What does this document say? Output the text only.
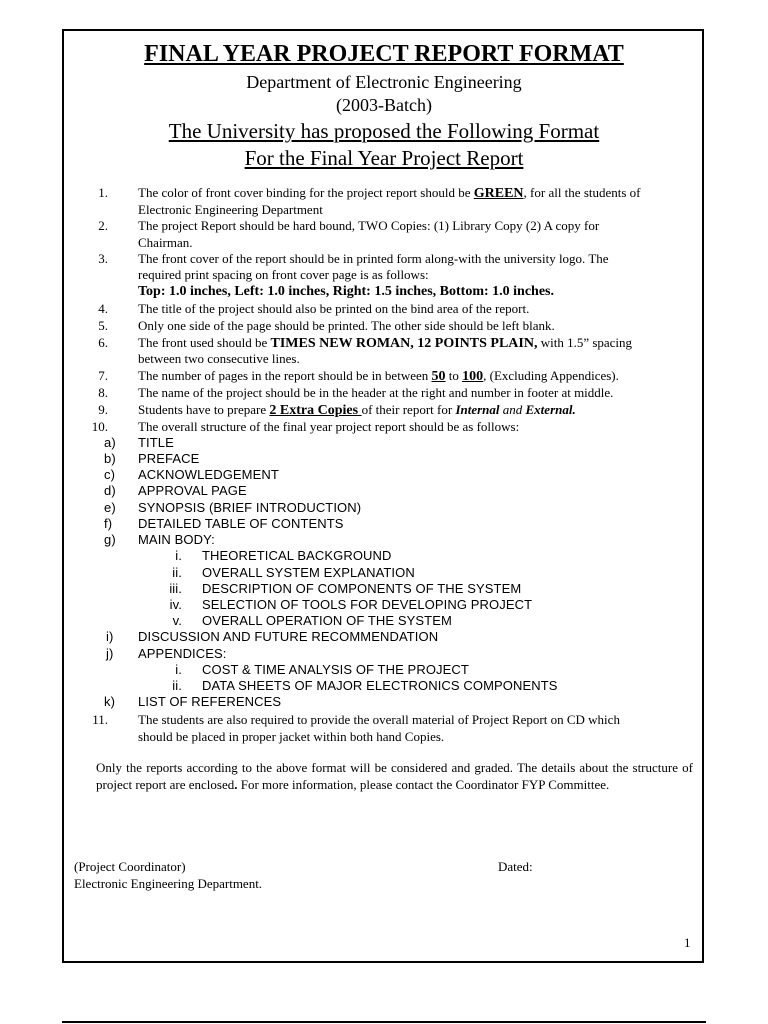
FINAL YEAR PROJECT REPORT FORMAT
Department of Electronic Engineering
(2003-Batch)
The University has proposed the Following Format
For the Final Year Project Report
1. The color of front cover binding for the project report should be GREEN, for all the students of
Electronic Engineering Department
2. The project Report should be hard bound, TWO Copies: (1) Library Copy (2) A copy for
Chairman.
3. The front cover of the report should be in printed form along-with the university logo. The
required print spacing on front cover page is as follows:
Top: 1.0 inches, Left: 1.0 inches, Right: 1.5 inches, Bottom: 1.0 inches.
4. The title of the project should also be printed on the bind area of the report.
5. Only one side of the page should be printed. The other side should be left blank.
6. The front used should be TIMES NEW ROMAN, 12 POINTS PLAIN, with 1.5” spacing
between two consecutive lines.
7. The number of pages in the report should be in between 50 to 100, (Excluding Appendices).
8. The name of the project should be in the header at the right and number in footer at middle.
9. Students have to prepare 2 Extra Copies of their report for Internal and External.
10. The overall structure of the final year project report should be as follows:
a) TITLE
b) PREFACE
c) ACKNOWLEDGEMENT
d) APPROVAL PAGE
e) SYNOPSIS (BRIEF INTRODUCTION)
f) DETAILED TABLE OF CONTENTS
g) MAIN BODY:
i. THEORETICAL BACKGROUND
ii. OVERALL SYSTEM EXPLANATION
iii. DESCRIPTION OF COMPONENTS OF THE SYSTEM
iv. SELECTION OF TOOLS FOR DEVELOPING PROJECT
v. OVERALL OPERATION OF THE SYSTEM
i) DISCUSSION AND FUTURE RECOMMENDATION
j) APPENDICES:
i. COST & TIME ANALYSIS OF THE PROJECT
ii. DATA SHEETS OF MAJOR ELECTRONICS COMPONENTS
k) LIST OF REFERENCES
11. The students are also required to provide the overall material of Project Report on CD which
should be placed in proper jacket within both hand Copies.
Only the reports according to the above format will be considered and graded. The details about the structure of project report are enclosed. For more information, please contact the Coordinator FYP Committee.
(Project Coordinator)
Electronic Engineering Department.
Dated:
1
